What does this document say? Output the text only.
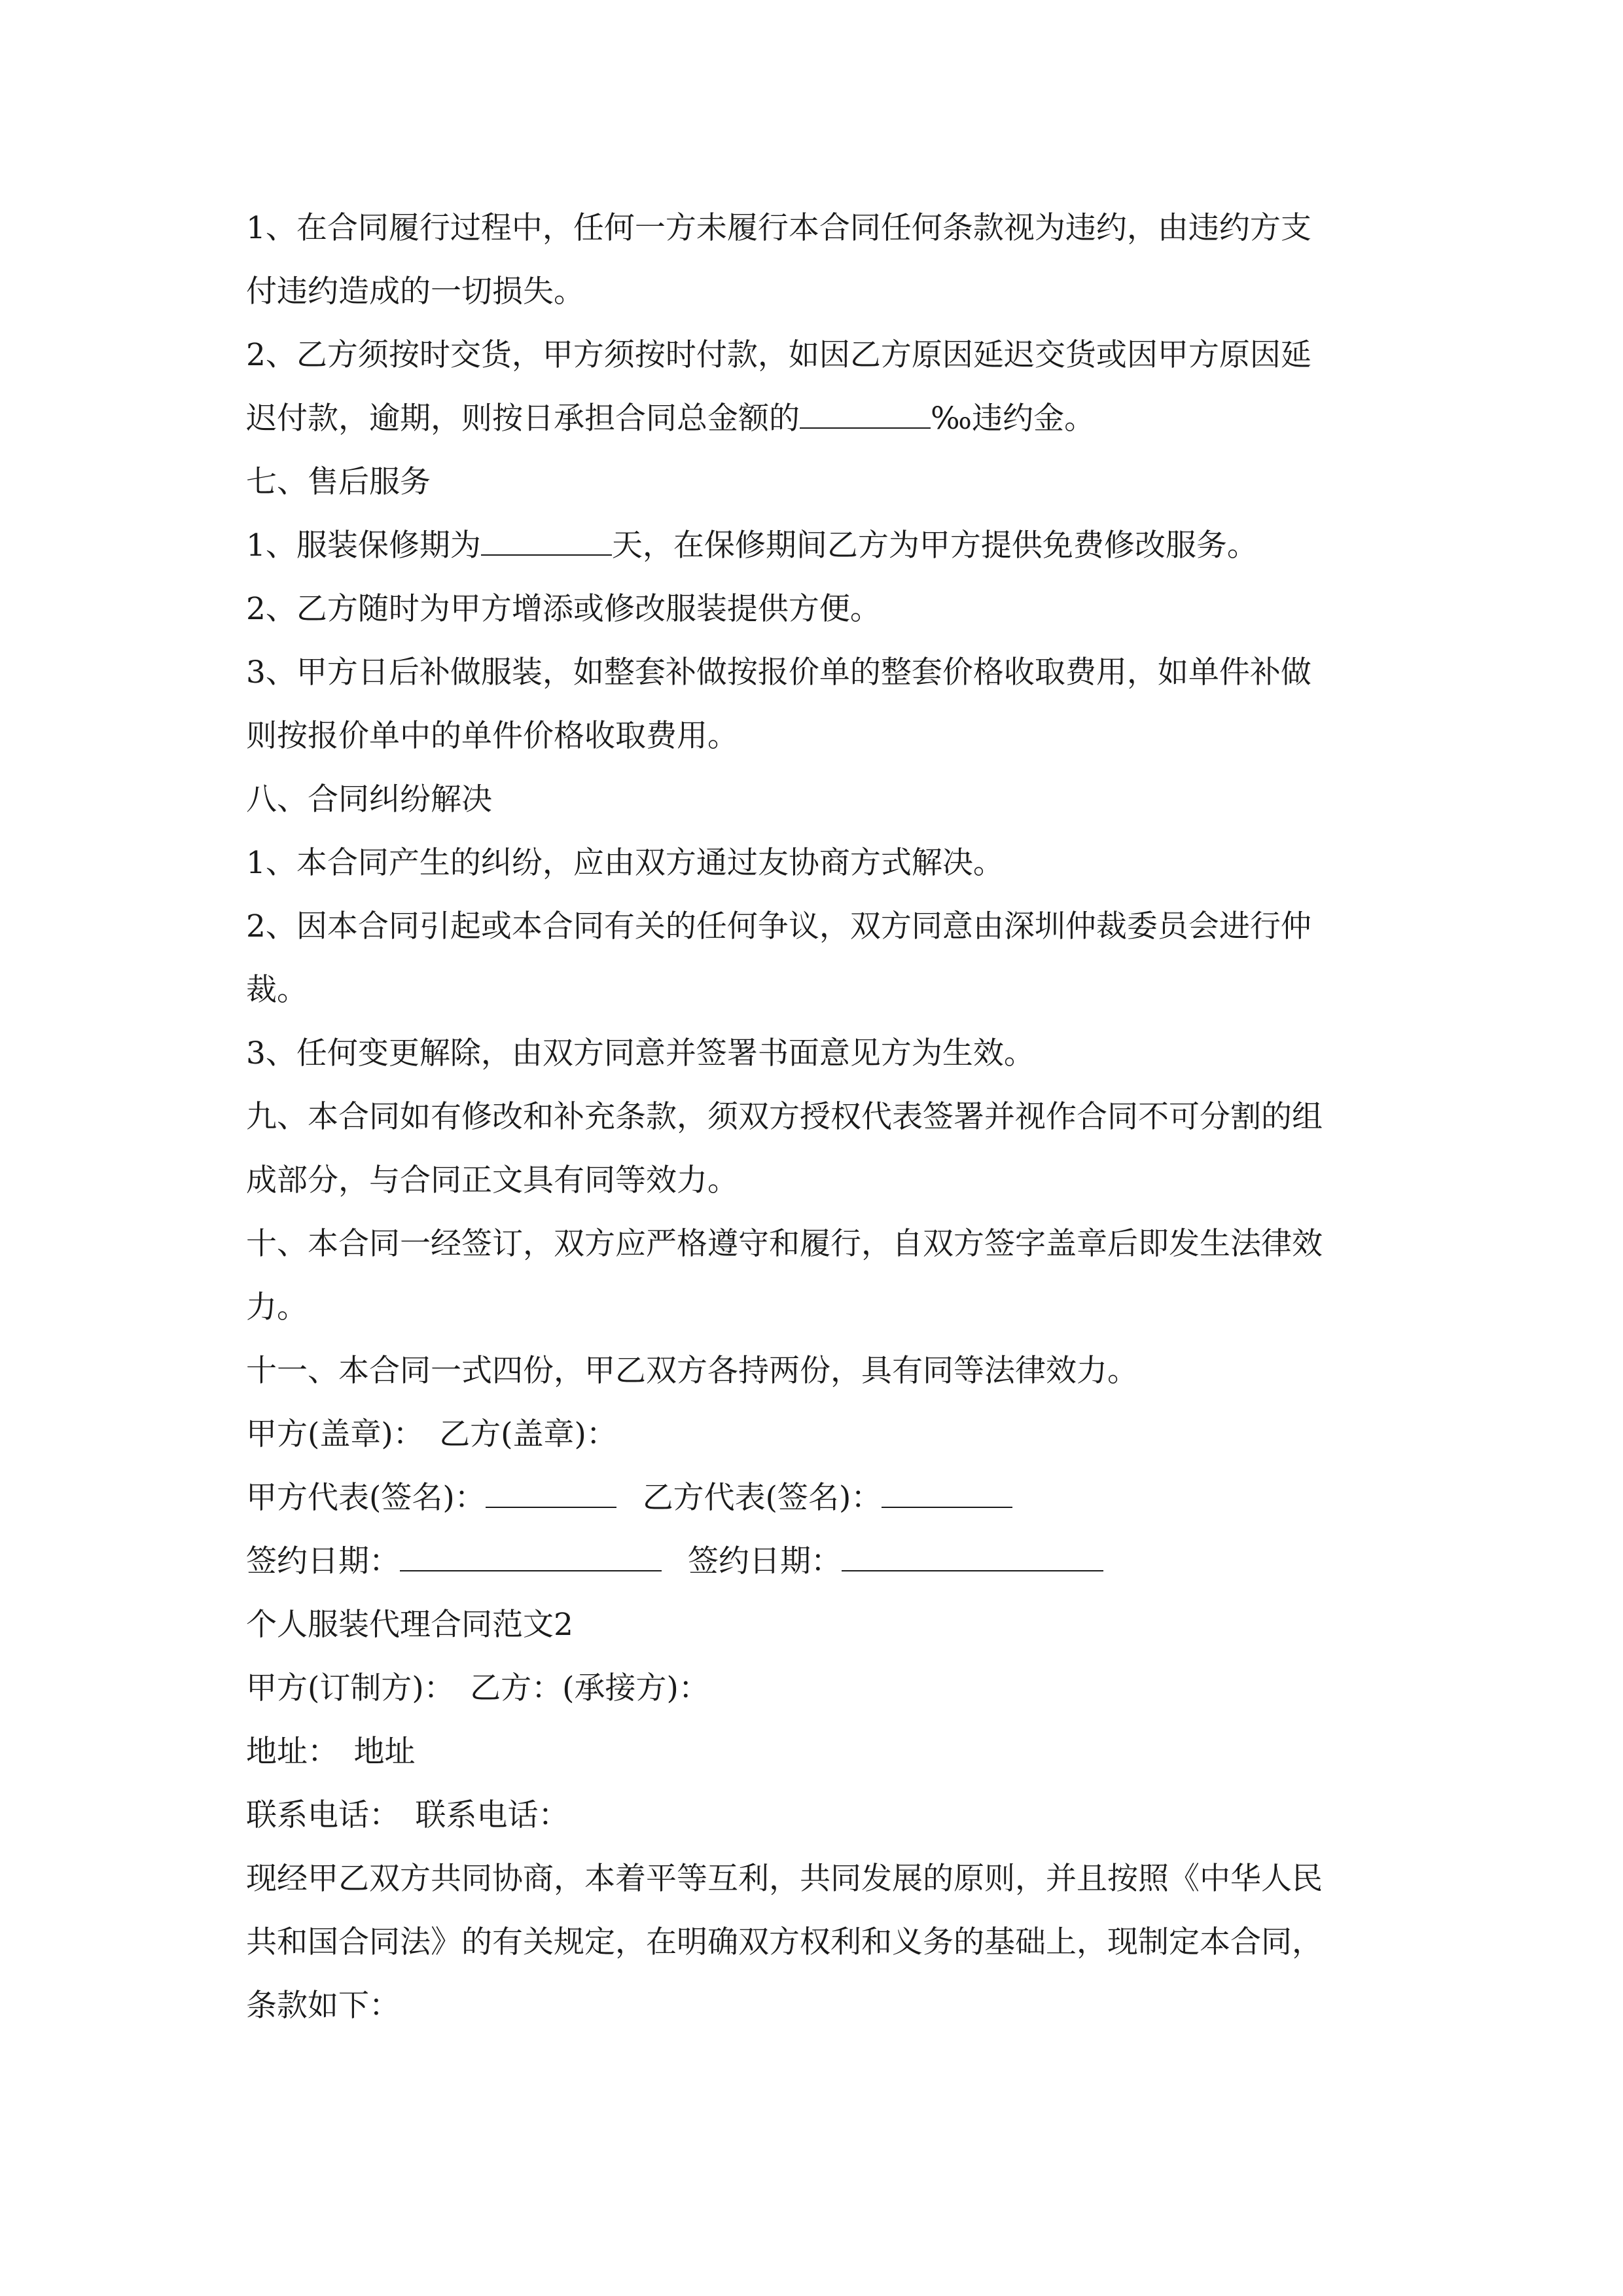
1、在合同履行过程中，任何一方未履行本合同任何条款视为违约，由违约方支
付违约造成的一切损失。
2、乙方须按时交货，甲方须按时付款，如因乙方原因延迟交货或因甲方原因延
迟付款，逾期，则按日承担合同总金额的	‰违约金。
七、售后服务
1、服装保修期为	天，在保修期间乙方为甲方提供免费修改服务。
2、乙方随时为甲方增添或修改服装提供方便。
3、甲方日后补做服装，如整套补做按报价单的整套价格收取费用，如单件补做
则按报价单中的单件价格收取费用。
八、合同纠纷解决
1、本合同产生的纠纷，应由双方通过友协商方式解决。
2、因本合同引起或本合同有关的任何争议，双方同意由深圳仲裁委员会进行仲
裁。
3、任何变更解除，由双方同意并签署书面意见方为生效。
九、本合同如有修改和补充条款，须双方授权代表签署并视作合同不可分割的组
成部分，与合同正文具有同等效力。
十、本合同一经签订，双方应严格遵守和履行，自双方签字盖章后即发生法律效
力。
十一、本合同一式四份，甲乙双方各持两份，具有同等法律效力。
甲方(盖章)：　乙方(盖章)：
甲方代表(签名)：	乙方代表(签名)：
签约日期：	签约日期：
个人服装代理合同范文2
甲方(订制方)：　乙方：(承接方)：
地址：　地址
联系电话：　联系电话：
现经甲乙双方共同协商，本着平等互利，共同发展的原则，并且按照《中华人民
共和国合同法》的有关规定，在明确双方权利和义务的基础上，现制定本合同，
条款如下：
